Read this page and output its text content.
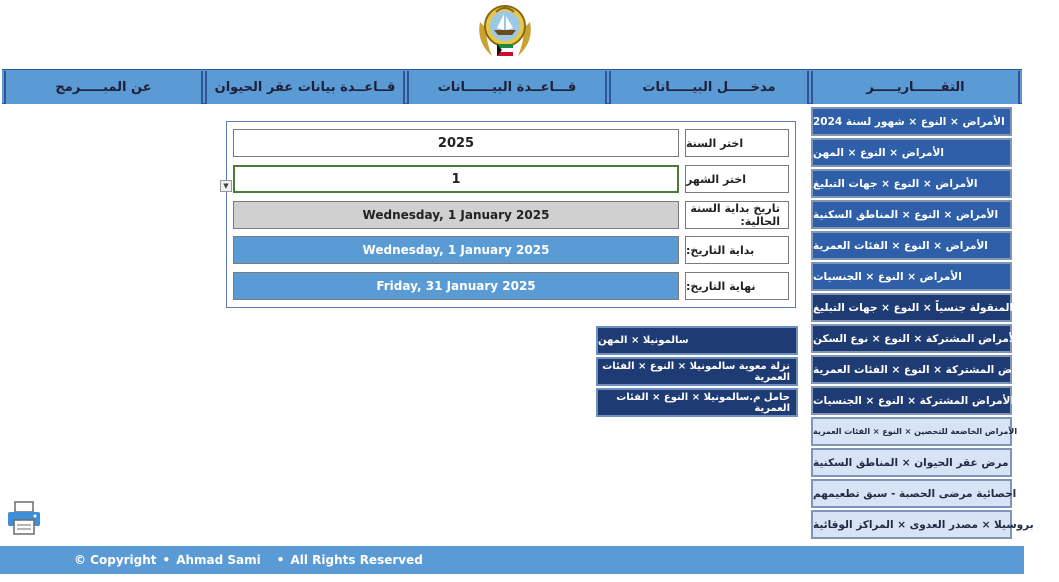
التقــــــاريـــــر
مدخـــــل البيـــــانات
قـــاعــدة البيــــــانات
قــاعــدة بيانات عقر الحيوان
عن المبـــــرمج
اختر السنة
2025
اختر الشهر
1
تاريخ بداية السنة الحالية:
Wednesday, 1 January 2025
بداية التاريخ:
Wednesday, 1 January 2025
نهاية التاريخ:
Friday, 31 January 2025
▼
سالمونيلا × المهن
نزلة معوية سالمونيلا × النوع × الفئات العمرية
حامل م.سالمونيلا × النوع × الفئات العمرية
الأمراض × النوع × شهور لسنة 2024
الأمراض × النوع × المهن
الأمراض × النوع × جهات التبليغ
الأمراض × النوع × المناطق السكنية
الأمراض × النوع × الفئات العمرية
الأمراض × النوع × الجنسيات
الأمراض المنقولة جنسياً × النوع × جهات التبليغ
الأمراض المشتركة × النوع × نوع السكن
الأمراض المشتركة × النوع × الفئات العمرية
الأمراض المشتركة × النوع × الجنسيات
الأمراض الخاضعة للتحصين × النوع × الفئات العمرية
مرض عقر الحيوان × المناطق السكنية
احصائية مرضى الحصبة - سبق تطعيمهم
بروسيلا × مصدر العدوى × المراكز الوقائية
© Copyright • Ahmad Sami • All Rights Reserved
